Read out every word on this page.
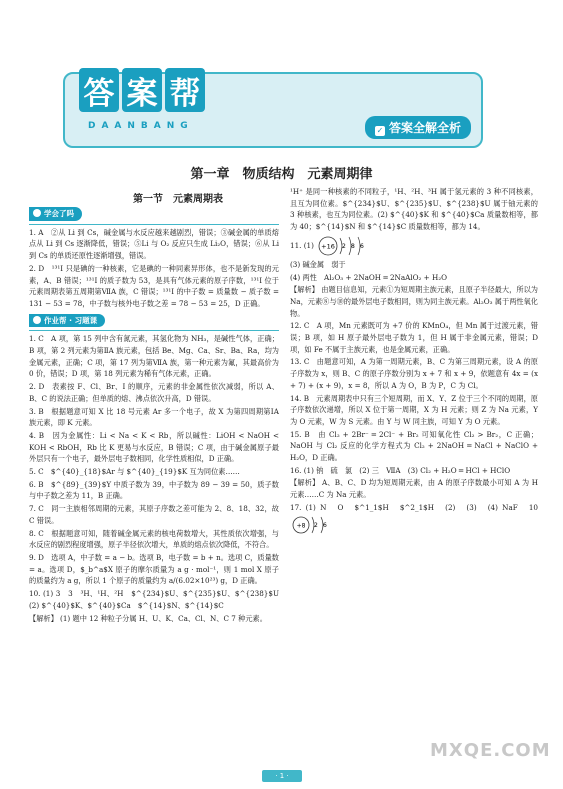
答 案 帮
DAANBANG	✓ 答案全解全析
第一章　物质结构　元素周期律
第一节　元素周期表
学会了吗

1. A　②从 Li 到 Cs，碱金属与水反应越来越剧烈，错误；③碱金属的单质熔点从 Li 到 Cs 逐渐降低，错误；⑤Li 与 O₂ 反应只生成 Li₂O，错误；⑥从 Li 到 Cs 的单质还原性逐渐增强，错误。

2. D　¹³¹I 只是碘的一种核素，它是碘的一种同素异形体，也不是新发现的元素，A、B 错误；¹³¹I 的质子数为 53，是具有气体元素的原子序数，¹³¹I 位于元素周期表第五周期第ⅦA 族，C 错误；¹³¹I 的中子数 = 质量数 − 质子数 = 131 − 53 = 78，中子数与核外电子数之差 = 78 − 53 = 25，D 正确。

作业帮 · 习题课

1. C　A 项，第 15 列中含有氮元素，其氢化物为 NH₃，是碱性气体，正确；B 项，第 2 列元素为第ⅡA 族元素，包括 Be、Mg、Ca、Sr、Ba、Ra，均为金属元素，正确；C 项，第 17 列为第ⅦA 族，第一种元素为氟，其最高价为 0 价，错误；D 项，第 18 列元素为稀有气体元素，正确。

2. D　表素按 F、Cl、Br、I 的顺序，元素的非金属性依次减弱，所以 A、B、C 的说法正确；但单质的熔、沸点依次升高，D 错误。

3. B　根据题意可知 X 比 18 号元素 Ar 多一个电子，故 X 为第四周期第ⅠA 族元素，即 K 元素。

4. B　因为金属性：Li < Na < K < Rb，所以碱性：LiOH < NaOH < KOH < RbOH，Rb 比 K 更易与水反应，B 错误；C 项，由于碱金属原子最外层只有一个电子，最外层电子数相同，化学性质相似，D 正确。

5. C　$^{40}_{18}$Ar 与 $^{40}_{19}$K 互为同位素……

6. B　$^{89}_{39}$Y 中质子数为 39，中子数为 89 − 39 = 50，质子数与中子数之差为 11，B 正确。

7. C　同一主族相邻周期的元素，其原子序数之差可能为 2、8、18、32，故 C 错误。

8. C　根据题意可知，随着碱金属元素的核电荷数增大，其性质依次增强，与水反应的剧烈程度增强，原子半径依次增大，单质的熔点依次降低，不符合。

9. D　选项 A，中子数 = a − b。选项 B，电子数 = b + n。选项 C，质量数 = a。选项 D，$_b^a$X 原子的摩尔质量为 a g · mol⁻¹，则 1 mol X 原子的质量约为 a g，所以 1 个原子的质量约为 a/(6.02×10²³) g，D 正确。

10. (1) 3　3　³H、¹H、²H　$^{234}$U、$^{235}$U、$^{238}$U　(2) $^{40}$K、$^{40}$Ca　$^{14}$N、$^{14}$C

【解析】 (1) 题中 12 种粒子分属 H、U、K、Ca、Cl、N、C 7 种元素。

¹H⁺ 是同一种核素的不同粒子，¹H、²H、³H 属于氢元素的 3 种不同核素，且互为同位素。$^{234}$U、$^{235}$U、$^{238}$U 属于铀元素的 3 种核素，也互为同位素。(2) $^{40}$K 和 $^{40}$Ca 质量数相等，都为 40；$^{14}$N 和 $^{14}$C 质量数相等，都为 14。

11. (1) +16 2 8 6

(3) 碱金属　弱于

(4) 两性　Al₂O₃ + 2NaOH ═ 2NaAlO₂ + H₂O

【解析】 由题目信息知，元素①为短周期主族元素，且原子半径最大，所以为 Na，元素⑧与⑩的最外层电子数相同，则为同主族元素。Al₂O₃ 属于两性氧化物。

12. C　A 项，Mn 元素既可为 +7 价的 KMnO₄，但 Mn 属于过渡元素，错误；B 项，如 H 原子最外层电子数为 1，但 H 属于非金属元素，错误；D 项，如 Fe 不属于主族元素，也是金属元素，正确。

13. C　由题意可知，A 为第一周期元素，B、C 为第三周期元素，设 A 的原子序数为 x，则 B、C 的原子序数分别为 x + 7 和 x + 9，依题意有 4x = (x + 7) + (x + 9)，x = 8，所以 A 为 O，B 为 P，C 为 Cl。

14. B　元素周期表中只有三个短周期，而 X、Y、Z 位于三个不同的周期，原子序数依次递增，所以 X 位于第一周期，X 为 H 元素；则 Z 为 Na 元素，Y 为 O 元素，W 为 S 元素。由 Y 与 W 同主族，可知 Y 为 O 元素。

15. B　由 Cl₂ + 2Br⁻ ═ 2Cl⁻ + Br₂ 可知氧化性 Cl₂ > Br₂，C 正确；NaOH 与 Cl₂ 反应的化学方程式为 Cl₂ + 2NaOH ═ NaCl + NaClO + H₂O，D 正确。

16. (1) 钠　硫　氯　(2) 三　ⅦA　(3) Cl₂ + H₂O ═ HCl + HClO

【解析】 A、B、C、D 均为短周期元素，由 A 的原子序数最小可知 A 为 H 元素……C 为 Na 元素。

17. (1) N　O　$^1_1$H　$^2_1$H　(2)　(3)　(4) NaF　10
+8 2 6

· 1 ·
MXQE.COM
